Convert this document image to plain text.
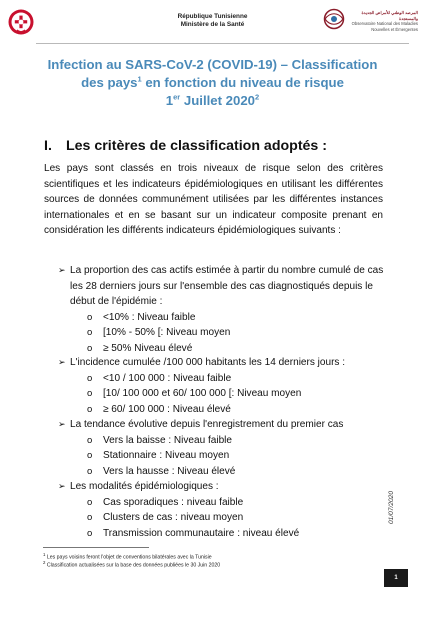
République Tunisienne
Ministère de la Santé
المرصد الوطني للأمراض الجديدة والمستجدة
Observatoire National des Maladies Nouvelles et Émergentes
Infection au SARS-CoV-2 (COVID-19) – Classification
des pays$^1$ en fonction du niveau de risque
1er Juillet 2020$^2$
I. Les critères de classification adoptés :
Les pays sont classés en trois niveaux de risque selon des critères scientifiques et les indicateurs épidémiologiques en utilisant les différentes sources de données communément utilisées par les différentes instances internationales et en se basant sur un indicateur composite prenant en considération les différents indicateurs épidémiologiques suivants :
➢ La proportion des cas actifs estimée à partir du nombre cumulé de cas les 28 derniers jours sur l'ensemble des cas diagnostiqués depuis le début de l'épidémie :
o <10% : Niveau faible
o [10% - 50% [: Niveau moyen
o ≥ 50% Niveau élevé
➢ L'incidence cumulée /100 000 habitants les 14 derniers jours :
o <10 / 100 000 : Niveau faible
o [10/ 100 000 et 60/ 100 000 [: Niveau moyen
o ≥ 60/ 100 000 : Niveau élevé
➢ La tendance évolutive depuis l'enregistrement du premier cas
o Vers la baisse : Niveau faible
o Stationnaire : Niveau moyen
o Vers la hausse : Niveau élevé
➢ Les modalités épidémiologiques :
o Cas sporadiques : niveau faible
o Clusters de cas : niveau moyen
o Transmission communautaire : niveau élevé
01/07/2020
$^1$ Les pays voisins feront l'objet de conventions bilatérales avec la Tunisie
$^2$ Classification actualisées sur la base des données publiées le 30 Juin 2020
1
